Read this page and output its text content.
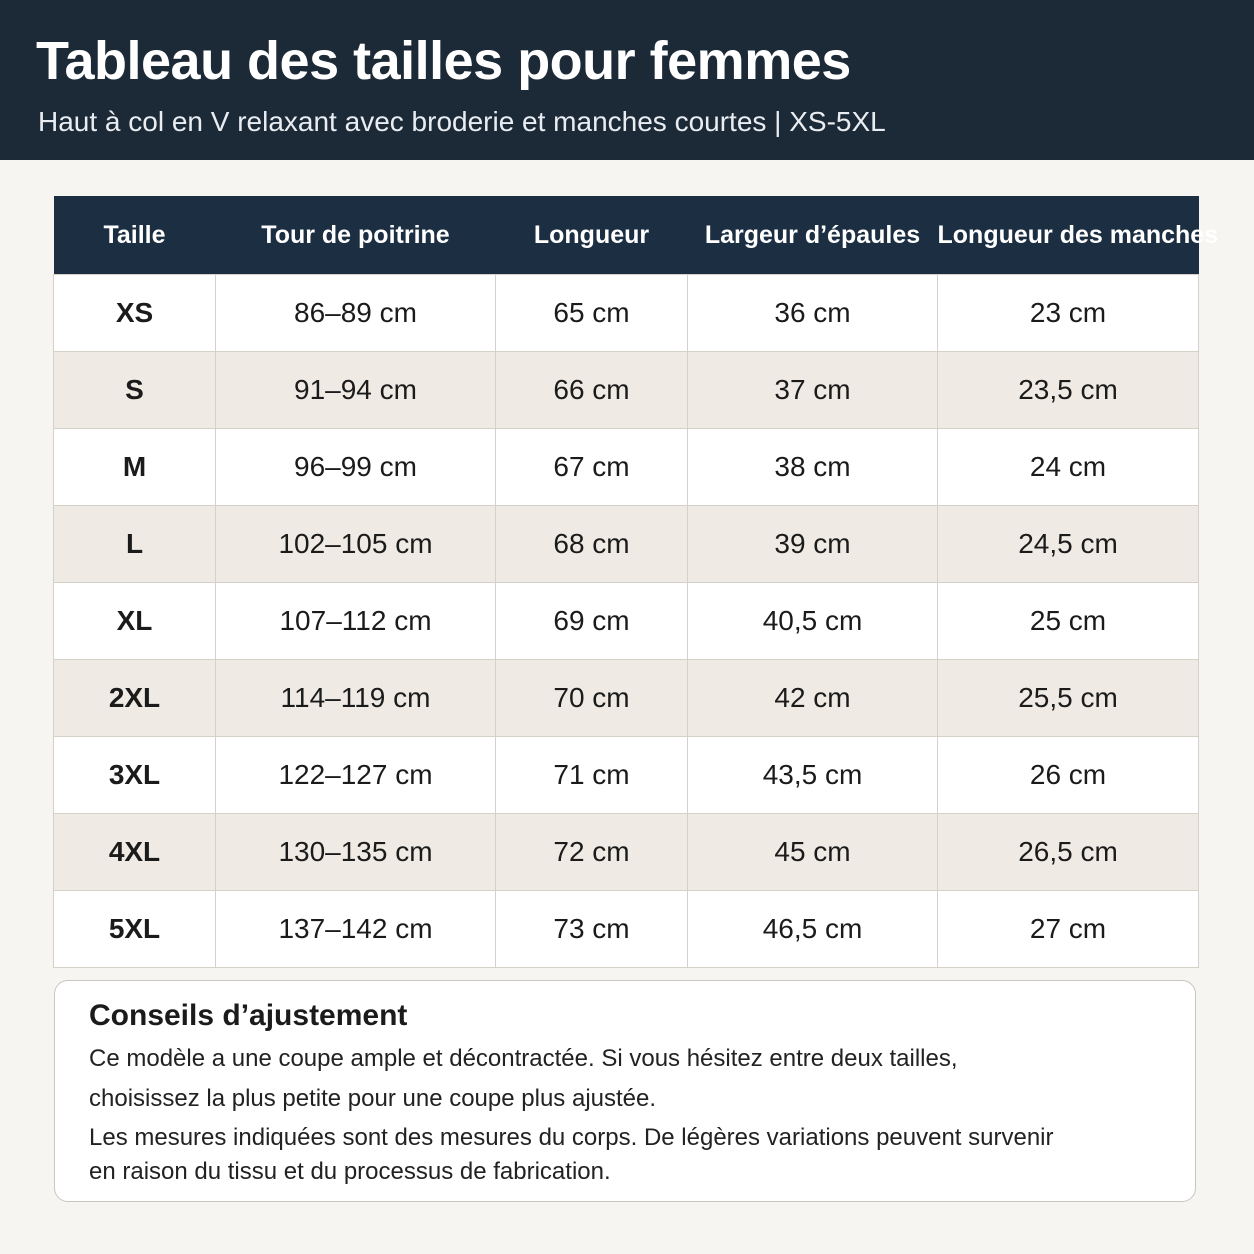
Tableau des tailles pour femmes
Haut à col en V relaxant avec broderie et manches courtes | XS-5XL
Taille	Tour de poitrine	Longueur	Largeur d’épaules	Longueur des manches
XS	86–89 cm	65 cm	36 cm	23 cm
S	91–94 cm	66 cm	37 cm	23,5 cm
M	96–99 cm	67 cm	38 cm	24 cm
L	102–105 cm	68 cm	39 cm	24,5 cm
XL	107–112 cm	69 cm	40,5 cm	25 cm
2XL	114–119 cm	70 cm	42 cm	25,5 cm
3XL	122–127 cm	71 cm	43,5 cm	26 cm
4XL	130–135 cm	72 cm	45 cm	26,5 cm
5XL	137–142 cm	73 cm	46,5 cm	27 cm
Conseils d’ajustement
Ce modèle a une coupe ample et décontractée. Si vous hésitez entre deux tailles,
choisissez la plus petite pour une coupe plus ajustée.
Les mesures indiquées sont des mesures du corps. De légères variations peuvent survenir
en raison du tissu et du processus de fabrication.
